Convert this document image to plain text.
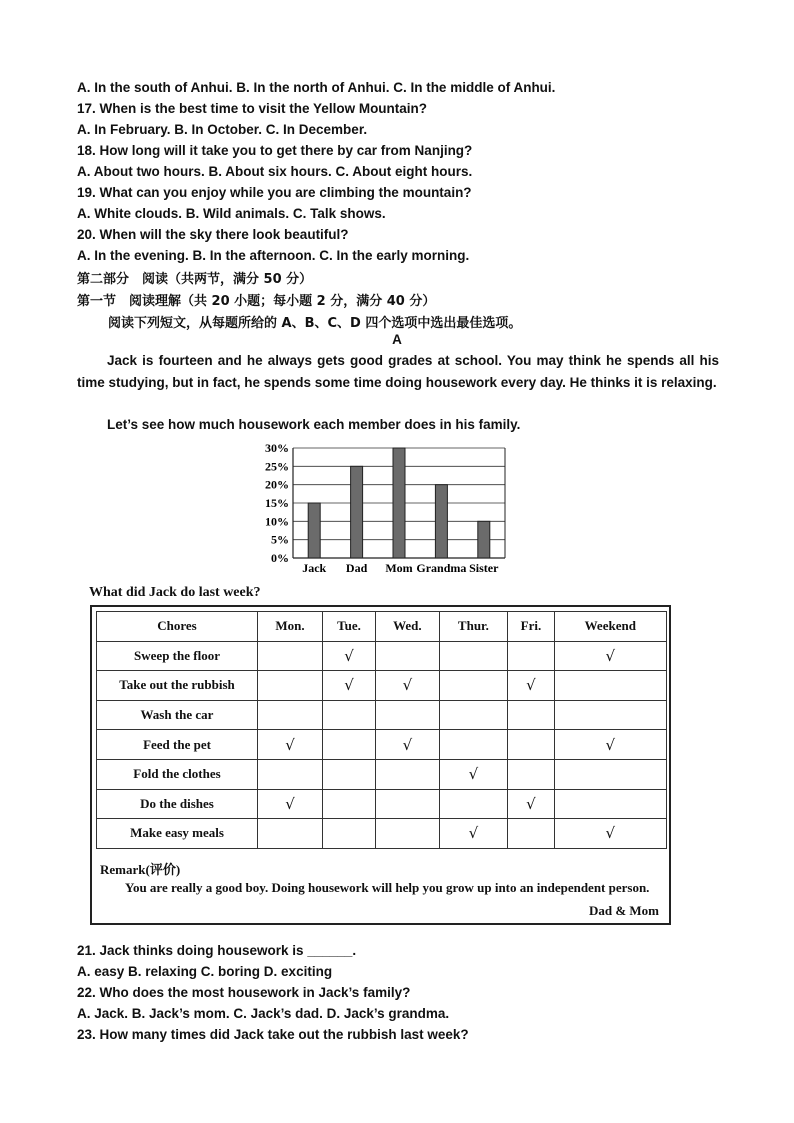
A. In the south of Anhui. B. In the north of Anhui. C. In the middle of Anhui.
17. When is the best time to visit the Yellow Mountain?
A. In February. B. In October. C. In December.
18. How long will it take you to get there by car from Nanjing?
A. About two hours. B. About six hours. C. About eight hours.
19. What can you enjoy while you are climbing the mountain?
A. White clouds. B. Wild animals. C. Talk shows.
20. When will the sky there look beautiful?
A. In the evening. B. In the afternoon. C. In the early morning.
第二部分　阅读（共两节，满分 50 分）
第一节　阅读理解（共 20 小题；每小题 2 分，满分 40 分）
阅读下列短文，从每题所给的 A、B、C、D 四个选项中选出最佳选项。
A
Jack is fourteen and he always gets good grades at school. You may think he spends all his time studying, but in fact, he spends some time doing housework every day. He thinks it is relaxing.
Let’s see how much housework each member does in his family.
0%
5%
10%
15%
20%
25%
30%
Jack Dad Mom Grandma Sister
What did Jack do last week?
Chores	Mon.	Tue.	Wed.	Thur.	Fri.	Weekend
Sweep the floor		√				√
Take out the rubbish		√	√		√	
Wash the car						
Feed the pet	√		√			√
Fold the clothes				√		
Do the dishes	√				√	
Make easy meals				√		√
Remark(评价)
You are really a good boy. Doing housework will help you grow up into an independent person.
Dad & Mom
21. Jack thinks doing housework is ______.
A. easy B. relaxing C. boring D. exciting
22. Who does the most housework in Jack’s family?
A. Jack. B. Jack’s mom. C. Jack’s dad. D. Jack’s grandma.
23. How many times did Jack take out the rubbish last week?
